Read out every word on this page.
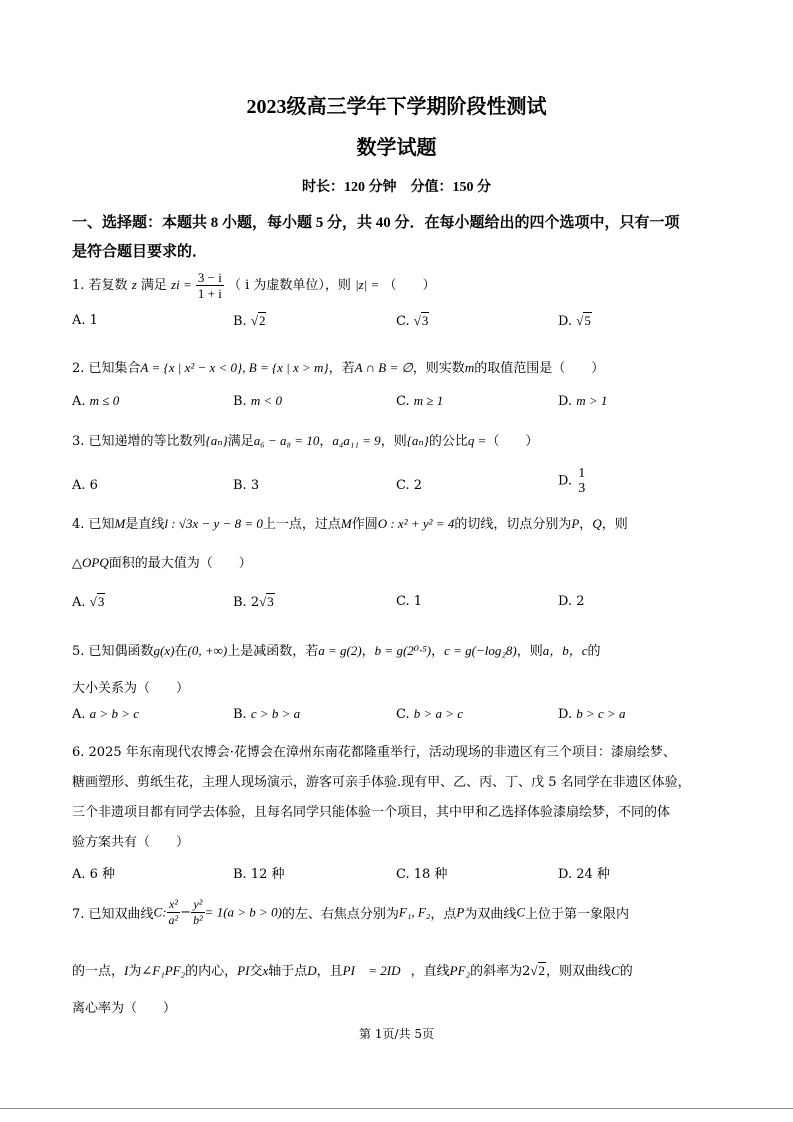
2023级高三学年下学期阶段性测试
数学试题
时长：120 分钟　分值：150 分
一、选择题：本题共 8 小题，每小题 5 分，共 40 分．在每小题给出的四个选项中，只有一项
是符合题目要求的．
1. 若复数 z 满足 zi = $\frac{3 - i}{1 + i}$ （ i 为虚数单位），则 |z| = （　　）
A. 1	B. √2	C. √3	D. √5
2. 已知集合A = {x | x² − x < 0}, B = {x | x > m}，若A ∩ B = ∅，则实数m的取值范围是（　　）
A. m ≤ 0	B. m < 0	C. m ≥ 1	D. m > 1
3. 已知递增的等比数列{aₙ}满足a₆ − a₈ = 10，a₄a₁₁ = 9，则{aₙ}的公比q =（　　）
A. 6	B. 3	C. 2	D. 1
3
4. 已知M是直线l : √3x − y − 8 = 0上一点，过点M作圆O : x² + y² = 4的切线，切点分别为P，Q，则
△OPQ面积的最大值为（　　）
A. √3	B. 2√3	C. 1	D. 2
5. 已知偶函数g(x)在(0, +∞)上是减函数，若a = g(2)，b = g(2⁰·⁵)，c = g(−log₂8)，则a，b，c的
大小关系为（　　）
A. a > b > c	B. c > b > a	C. b > a > c	D. b > c > a
6. 2025 年东南现代农博会·花博会在漳州东南花都隆重举行，活动现场的非遗区有三个项目：漆扇绘梦、
糖画塑形、剪纸生花，主理人现场演示，游客可亲手体验.现有甲、乙、丙、丁、戊 5 名同学在非遗区体验，
三个非遗项目都有同学去体验，且每名同学只能体验一个项目，其中甲和乙选择体验漆扇绘梦，不同的体
验方案共有（　　）
A. 6 种	B. 12 种	C. 18 种	D. 24 种
7. 已知双曲线C: $\frac{\text{x²}}{\text{a²}} - \frac{\text{y²}}{\text{b²}} = 1(a > b > 0)$的左、右焦点分别为F₁, F₂，点P为双曲线C上位于第一象限内
的一点，I为∠F₁PF₂的内心，PI交x轴于点D，且PI⃗ = 2ID⃗，直线PF₂的斜率为2√2，则双曲线C的
离心率为（　　）
第 1页/共 5页
